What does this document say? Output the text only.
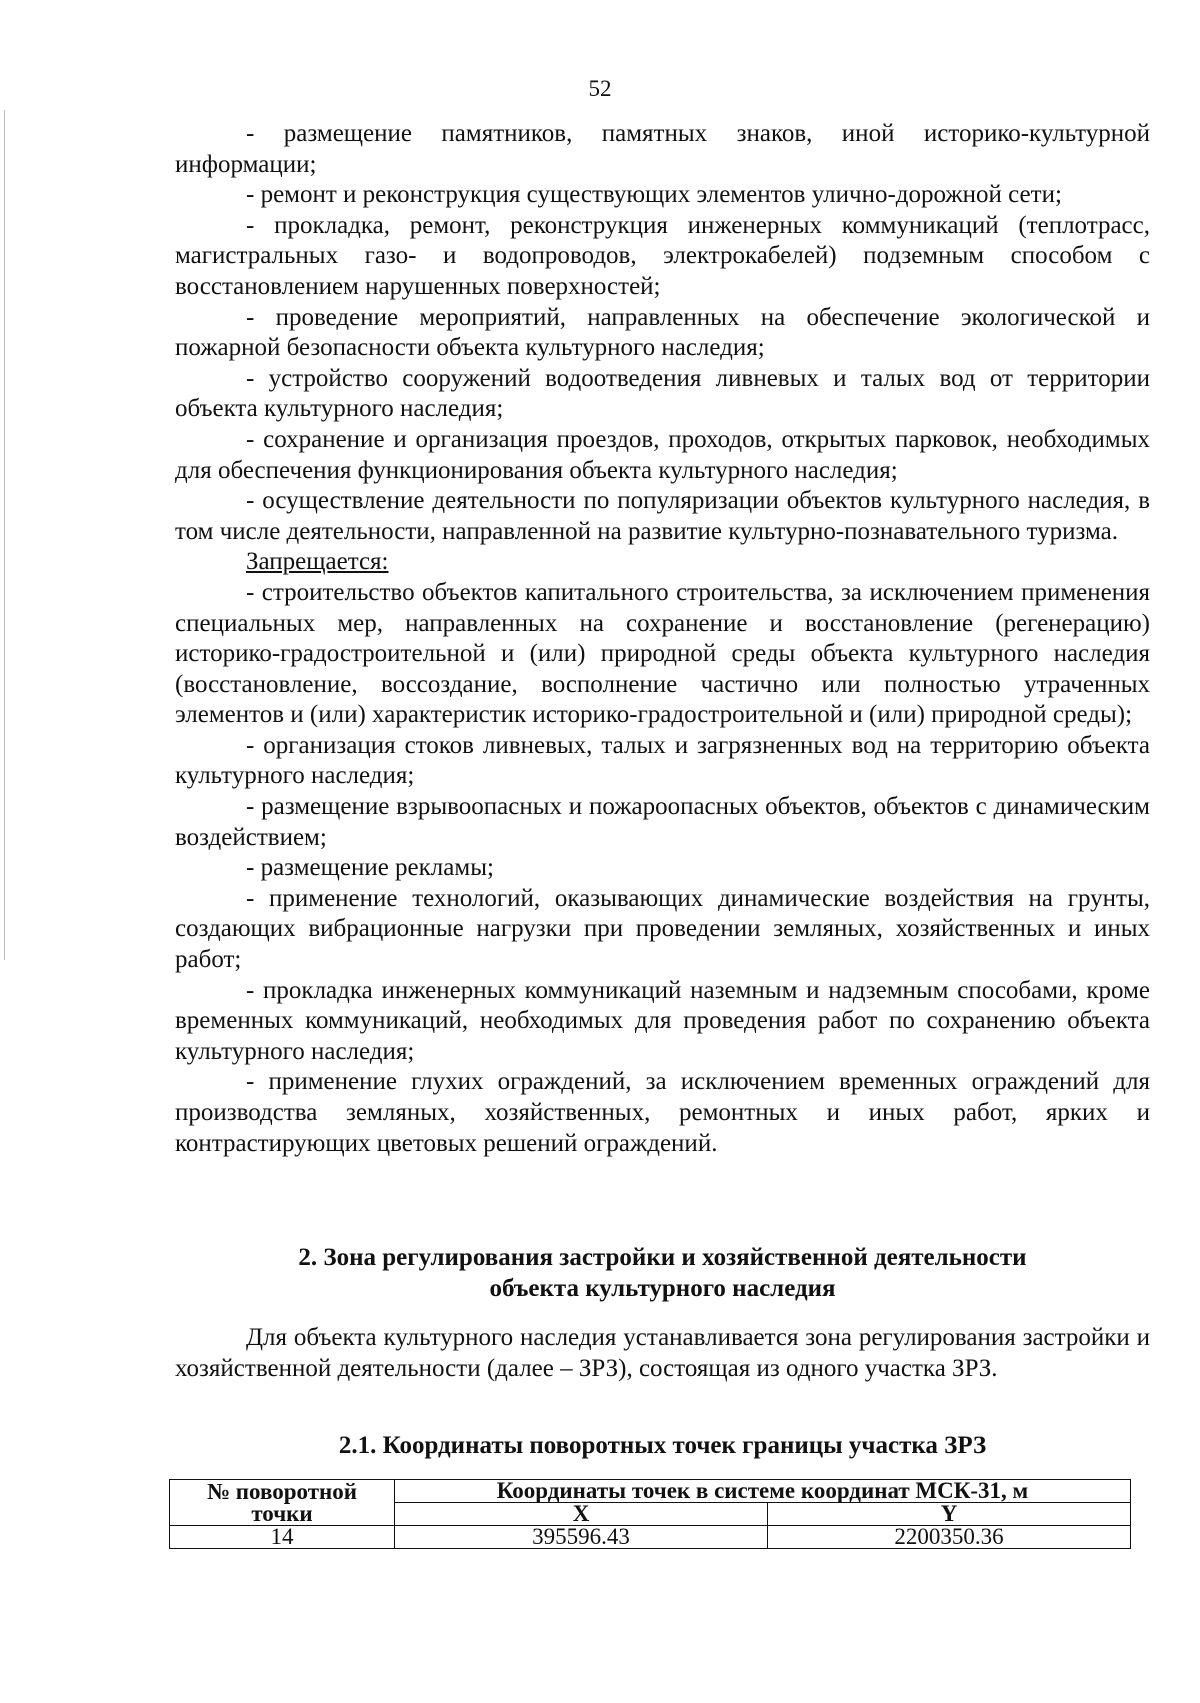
52

- размещение памятников, памятных знаков, иной историко-культурной информации;

- ремонт и реконструкция существующих элементов улично-дорожной сети;

- прокладка, ремонт, реконструкция инженерных коммуникаций (теплотрасс, магистральных газо- и водопроводов, электрокабелей) подземным способом с восстановлением нарушенных поверхностей;

- проведение мероприятий, направленных на обеспечение экологической и пожарной безопасности объекта культурного наследия;

- устройство сооружений водоотведения ливневых и талых вод от территории объекта культурного наследия;

- сохранение и организация проездов, проходов, открытых парковок, необходимых для обеспечения функционирования объекта культурного наследия;

- осуществление деятельности по популяризации объектов культурного наследия, в том числе деятельности, направленной на развитие культурно-познавательного туризма.

Запрещается:

- строительство объектов капитального строительства, за исключением применения специальных мер, направленных на сохранение и восстановление (регенерацию) историко-градостроительной и (или) природной среды объекта культурного наследия (восстановление, воссоздание, восполнение частично или полностью утраченных элементов и (или) характеристик историко-градостроительной и (или) природной среды);

- организация стоков ливневых, талых и загрязненных вод на территорию объекта культурного наследия;

- размещение взрывоопасных и пожароопасных объектов, объектов с динамическим воздействием;

- размещение рекламы;

- применение технологий, оказывающих динамические воздействия на грунты, создающих вибрационные нагрузки при проведении земляных, хозяйственных и иных работ;

- прокладка инженерных коммуникаций наземным и надземным способами, кроме временных коммуникаций, необходимых для проведения работ по сохранению объекта культурного наследия;

- применение глухих ограждений, за исключением временных ограждений для производства земляных, хозяйственных, ремонтных и иных работ, ярких и контрастирующих цветовых решений ограждений.

2. Зона регулирования застройки и хозяйственной деятельности
объекта культурного наследия

Для объекта культурного наследия устанавливается зона регулирования застройки и хозяйственной деятельности (далее – ЗРЗ), состоящая из одного участка ЗРЗ.

2.1. Координаты поворотных точек границы участка ЗРЗ
№ поворотной
точки	Координаты точек в системе координат МСК-31, м	
	X	Y
14	395596.43	2200350.36
